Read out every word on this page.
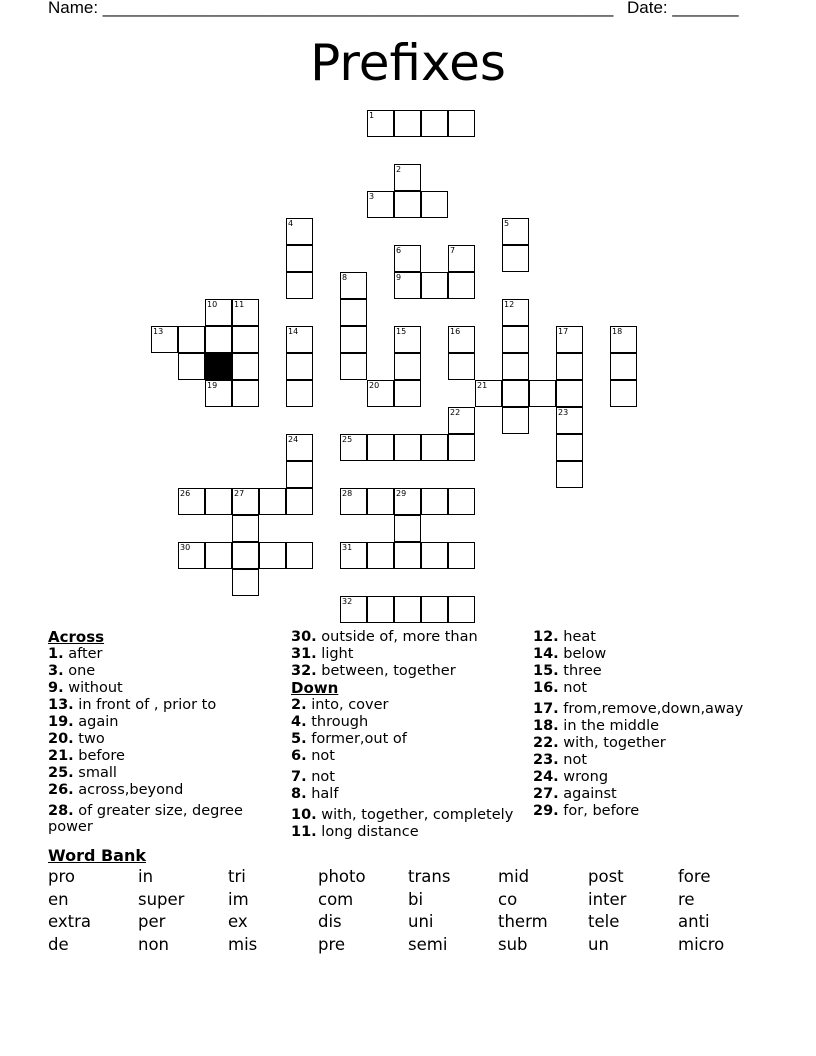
Name: ______________________________________________________ Date: _______
Prefixes
1
2
3
4	5
6	7
8	9
10 11	12
13	14	15	16	17	18
19	20	21
22	23
24	25
26	27	28	29
30	31
32
Across
1. after
3. one
9. without
13. in front of , prior to
19. again
20. two
21. before
25. small
26. across,beyond
28. of greater size, degree power
30. outside of, more than
31. light
32. between, together
Down
2. into, cover
4. through
5. former,out of
6. not
7. not
8. half
10. with, together, completely
11. long distance
12. heat
14. below
15. three
16. not
17. from,remove,down,away
18. in the middle
22. with, together
23. not
24. wrong
27. against
29. for, before
Word Bank
pro	in	tri	photo	trans	mid	post	fore
en	super	im	com	bi	co	inter	re
extra	per	ex	dis	uni	therm	tele	anti
de	non	mis	pre	semi	sub	un	micro
